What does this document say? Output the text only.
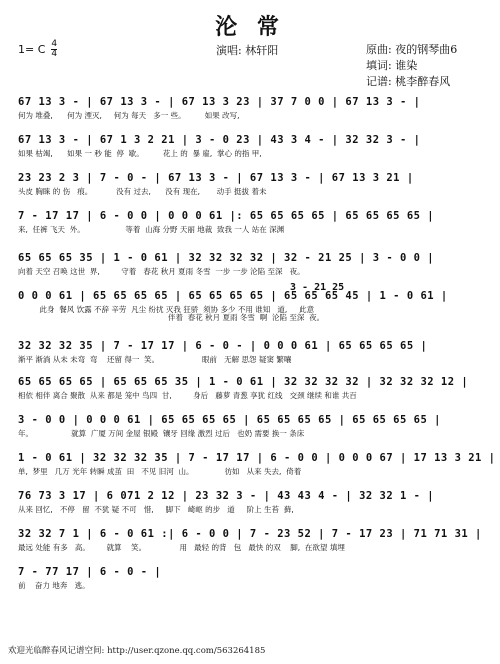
沦 常
1= C $\frac{4}{4}$	演唱: 林轩阳	原曲: 夜的钢琴曲6
填词: 谁染
记谱: 桃李醉春风
67 13 3 - | 67 13 3 - | 67 13 3 23 | 37 7 0 0 | 67 13 3 - |
何为 堆叠,      何为 湮灭,     何为 每天   多一 些。        如果 改写,
67 13 3 - | 67 1 3 2 21 | 3 - 0 23 | 43 3 4 - | 32 32 3 - |
如果 枯竭,      如果 一 秒 能  停  歇。        花上 的  暴 雇,  掌心 的指 甲,
23 23 2 3 | 7 - 0 - | 67 13 3 - | 67 13 3 - | 67 13 3 21 |
头皮 胸睐 的 伤   痕。          没有 过去,      没有 现在,       动手 挺拔 着未
7 - 17 17 | 6 - 0 0 | 0 0 0 61 |: 65 65 65 65 | 65 65 65 65 |
来,  任裤 飞天  外。                 等着  山海 分野 天丽 地裁  致我 一人 站在 深渊
65 65 65 35 | 1 - 0 61 | 32 32 32 32 | 32 - 21 25 | 3 - 0 0 |
向着 天空 召唤 这世  界,         守着   春花 秋月 夏雨 冬雪  一步 一步 沦陷 至深   夜。
0 0 0 61 | 65 65 65 65 | 65 65 65 65 | 65 65 65 45 | 1 - 0 61 |
此身  餐风 饮露 不辞 辛劳  凡尘 纷扰 灭我 狂骄  须协 多少 不用 谁知   道,     此意
32 32 32 35 | 7 - 17 17 | 6 - 0 - | 0 0 0 61 | 65 65 65 65 |
渐平 渐淌 从未 未弯  弯    还留 得一  笑。                  眼前   无解 思怨 疑窦 繁嚷
65 65 65 65 | 65 65 65 35 | 1 - 0 61 | 32 32 32 32 | 32 32 32 12 |
相依 相伴 离合 聚散  从来 都是 笼中 鸟四  甘,         身后   藤萝 青葱 享犹 红线   交颈 继续 和谁 共百
3 - 0 0 | 0 0 0 61 | 65 65 65 65 | 65 65 65 65 | 65 65 65 65 |
年。                就算  广厦 万间 金屋 银殿  镶牙 回缘 激烈 过后   也奶 需要 换一 条床
1 - 0 61 | 32 32 32 35 | 7 - 17 17 | 6 - 0 0 | 0 0 0 67 | 17 13 3 21 |
单,  梦里   几万 光年 转瞬 成茧  田   不见 旧河  山。             彷如   从来 失去,  倚着
76 73 3 17 | 6 071 2 12 | 23 32 3 - | 43 43 4 - | 32 32 1 - |
从来 回忆,   不停   留  不犹 疑 不可   惜,     脚下   崎岖 的步   道     阶上 生苔  藓,
32 32 7 1 | 6 - 0 61 :| 6 - 0 0 | 7 - 23 52 | 7 - 17 23 | 71 71 31 |
最远 处能 有多   高。       就算    笑。              用   最轻 的背   包   最快 的双    脚,  在欲望 填埋
7 - 77 17 | 6 - 0 - |
前    奋力 地奔   逃。
3 - 21 25
伴着  春花 秋月 夏雨 冬雪  啊  沦陷 至深  夜。
欢迎光临醉春风记谱空间: http://user.qzone.qq.com/563264185
